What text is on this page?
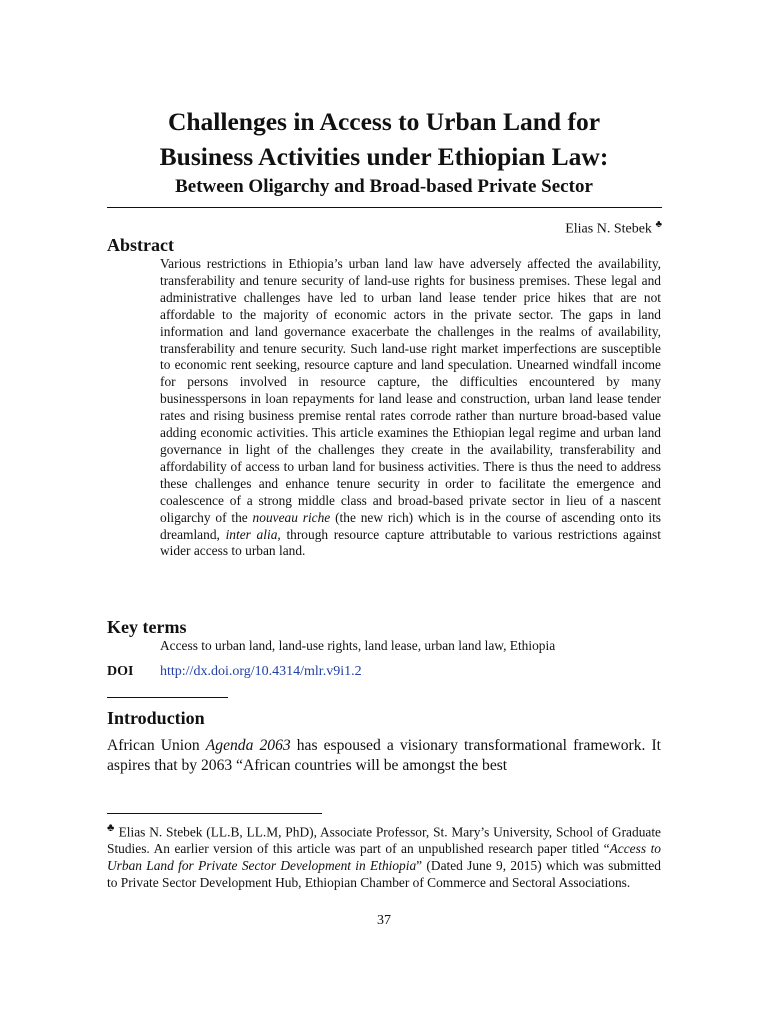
Challenges in Access to Urban Land for
Business Activities under Ethiopian Law:
Between Oligarchy and Broad-based Private Sector
Elias N. Stebek ♣
Abstract

Various restrictions in Ethiopia’s urban land law have adversely affected the availability, transferability and tenure security of land-use rights for business premises. These legal and administrative challenges have led to urban land lease tender price hikes that are not affordable to the majority of economic actors in the private sector. The gaps in land information and land governance exacerbate the challenges in the realms of availability, transferability and tenure security. Such land-use right market imperfections are susceptible to economic rent seeking, resource capture and land speculation. Unearned windfall income for persons involved in resource capture, the difficulties encountered by many businesspersons in loan repayments for land lease and construction, urban land lease tender rates and rising business premise rental rates corrode rather than nurture broad-based value adding economic activities. This article examines the Ethiopian legal regime and urban land governance in light of the challenges they create in the availability, transferability and affordability of access to urban land for business activities. There is thus the need to address these challenges and enhance tenure security in order to facilitate the emergence and coalescence of a strong middle class and broad-based private sector in lieu of a nascent oligarchy of the nouveau riche (the new rich) which is in the course of ascending onto its dreamland, inter alia, through resource capture attributable to various restrictions against wider access to urban land.

Key terms
Access to urban land, land-use rights, land lease, urban land law, Ethiopia
DOI http://dx.doi.org/10.4314/mlr.v9i1.2
Introduction

African Union Agenda 2063 has espoused a visionary transformational framework. It aspires that by 2063 “African countries will be amongst the best

♣ Elias N. Stebek (LL.B, LL.M, PhD), Associate Professor, St. Mary’s University, School of Graduate Studies. An earlier version of this article was part of an unpublished research paper titled “Access to Urban Land for Private Sector Development in Ethiopia” (Dated June 9, 2015) which was submitted to Private Sector Development Hub, Ethiopian Chamber of Commerce and Sectoral Associations.

37
